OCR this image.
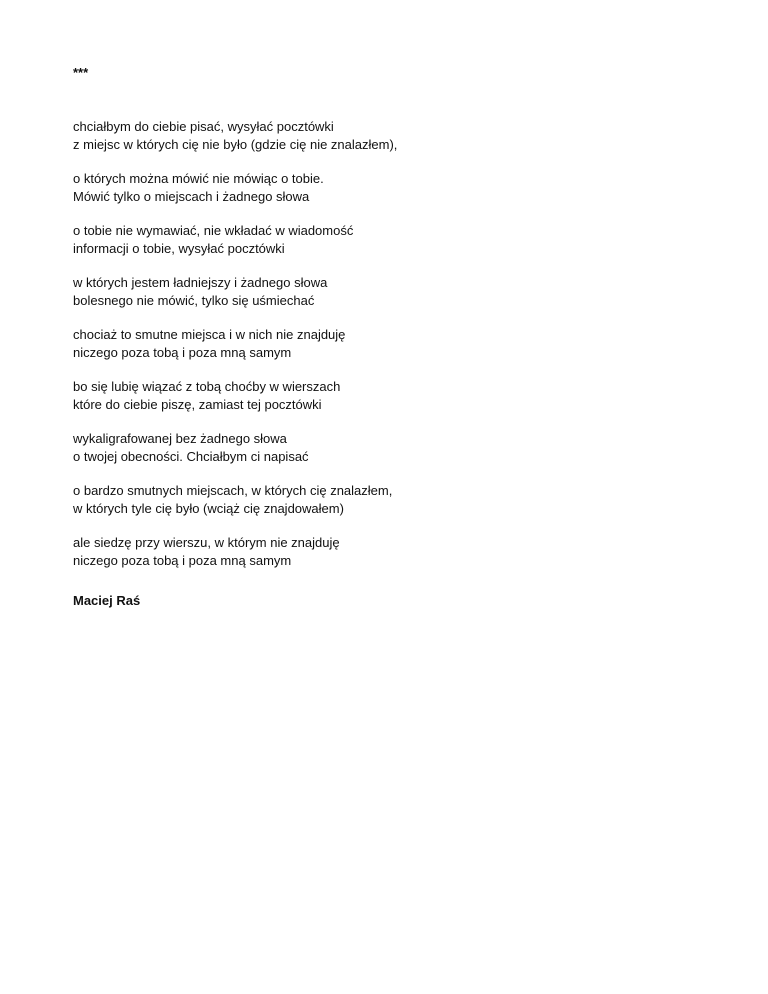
***
chciałbym do ciebie pisać, wysyłać pocztówki
z miejsc w których cię nie było (gdzie cię nie znalazłem),
o których można mówić nie mówiąc o tobie.
Mówić tylko o miejscach i żadnego słowa
o tobie nie wymawiać, nie wkładać w wiadomość
informacji o tobie, wysyłać pocztówki
w których jestem ładniejszy i żadnego słowa
bolesnego nie mówić, tylko się uśmiechać
chociaż to smutne miejsca i w nich nie znajduję
niczego poza tobą i poza mną samym
bo się lubię wiązać z tobą choćby w wierszach
które do ciebie piszę, zamiast tej pocztówki
wykaligrafowanej bez żadnego słowa
o twojej obecności. Chciałbym ci napisać
o bardzo smutnych miejscach, w których cię znalazłem,
w których tyle cię było (wciąż cię znajdowałem)
ale siedzę przy wierszu, w którym nie znajduję
niczego poza tobą i poza mną samym
Maciej Raś
